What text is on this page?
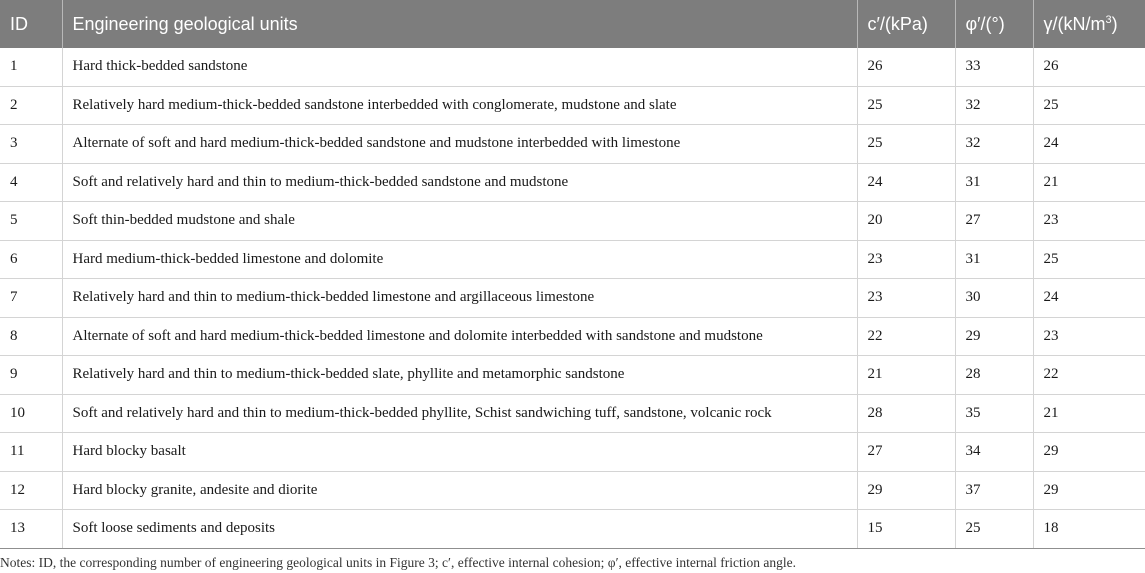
ID	Engineering geological units	c′/(kPa)	φ′/(°)	$\gamma/(kN/m^3)$
1	Hard thick-bedded sandstone	26	33	26
2	Relatively hard medium-thick-bedded sandstone interbedded with conglomerate, mudstone and slate	25	32	25
3	Alternate of soft and hard medium-thick-bedded sandstone and mudstone interbedded with limestone	25	32	24
4	Soft and relatively hard and thin to medium-thick-bedded sandstone and mudstone	24	31	21
5	Soft thin-bedded mudstone and shale	20	27	23
6	Hard medium-thick-bedded limestone and dolomite	23	31	25
7	Relatively hard and thin to medium-thick-bedded limestone and argillaceous limestone	23	30	24
8	Alternate of soft and hard medium-thick-bedded limestone and dolomite interbedded with sandstone and mudstone	22	29	23
9	Relatively hard and thin to medium-thick-bedded slate, phyllite and metamorphic sandstone	21	28	22
10	Soft and relatively hard and thin to medium-thick-bedded phyllite, Schist sandwiching tuff, sandstone, volcanic rock	28	35	21
11	Hard blocky basalt	27	34	29
12	Hard blocky granite, andesite and diorite	29	37	29
13	Soft loose sediments and deposits	15	25	18

Notes: ID, the corresponding number of engineering geological units in Figure 3; c′, effective internal cohesion; φ′, effective internal friction angle.
